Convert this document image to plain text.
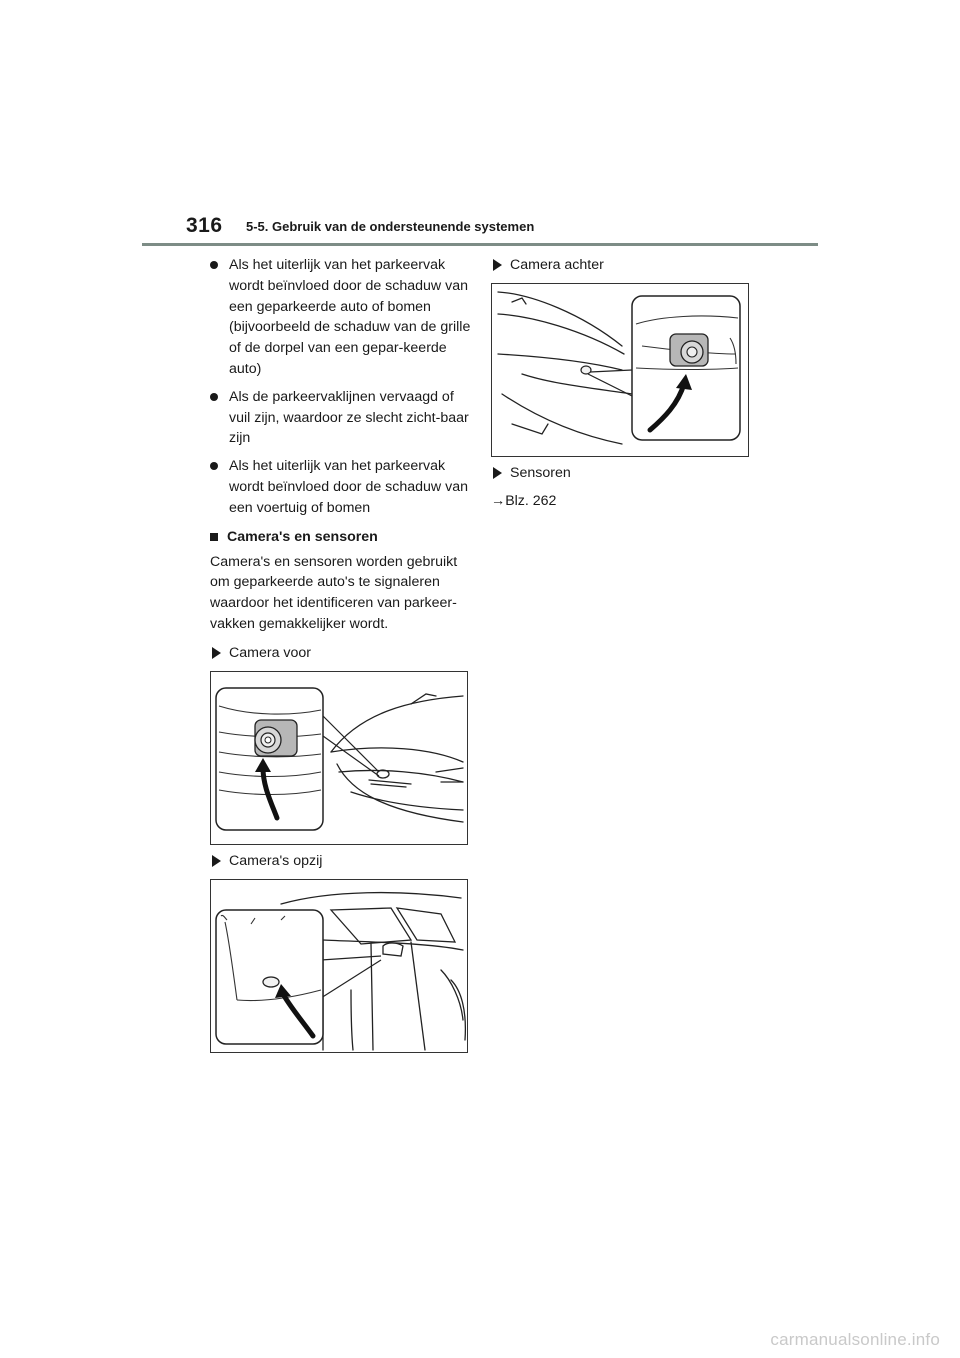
316 5-5. Gebruik van de ondersteunende systemen
Als het uiterlijk van het parkeervak wordt beïnvloed door de schaduw van een geparkeerde auto of bomen (bijvoorbeeld de schaduw van de grille of de dorpel van een gepar-keerde auto)
Als de parkeervaklijnen vervaagd of vuil zijn, waardoor ze slecht zicht-baar zijn
Als het uiterlijk van het parkeervak wordt beïnvloed door de schaduw van een voertuig of bomen
Camera's en sensoren
Camera's en sensoren worden gebruikt om geparkeerde auto's te signaleren waardoor het identificeren van parkeer-vakken gemakkelijker wordt.
Camera voor
Camera's opzij
Camera achter
Sensoren
→Blz. 262
carmanualsonline.info
